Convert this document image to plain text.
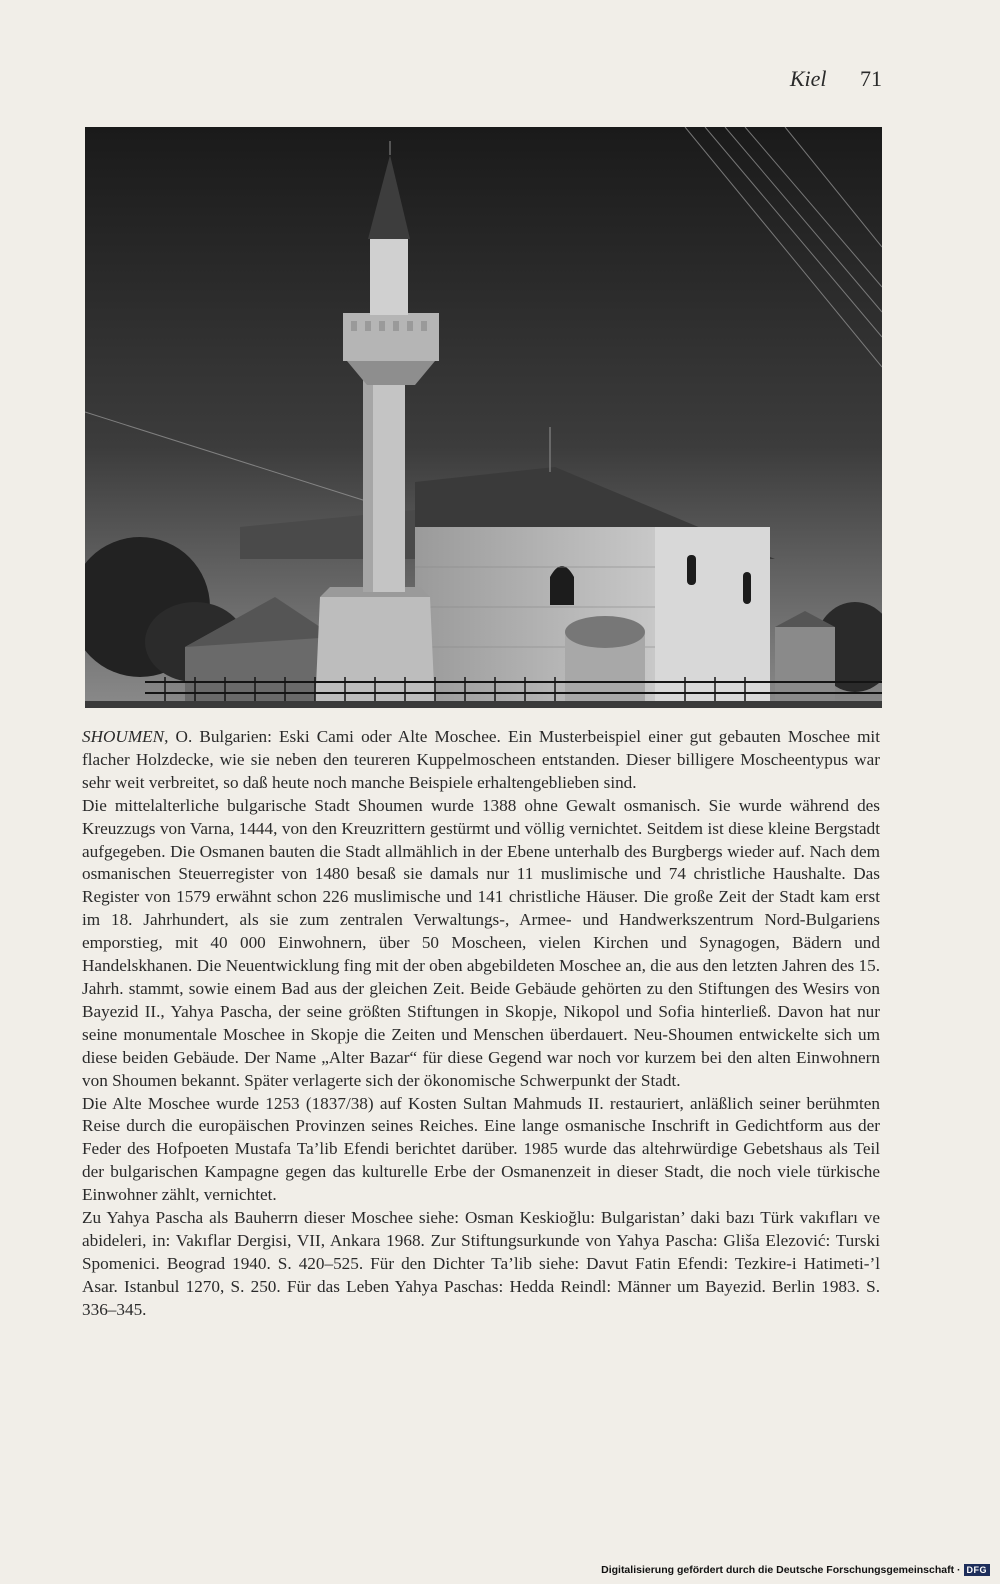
Kiel 71

SHOUMEN, O. Bulgarien: Eski Cami oder Alte Moschee. Ein Musterbeispiel einer gut gebauten Moschee mit flacher Holzdecke, wie sie neben den teureren Kuppelmoscheen entstanden. Dieser billigere Moscheentypus war sehr weit verbreitet, so daß heute noch manche Beispiele erhaltengeblieben sind.

Die mittelalterliche bulgarische Stadt Shoumen wurde 1388 ohne Gewalt osmanisch. Sie wurde während des Kreuzzugs von Varna, 1444, von den Kreuzrittern gestürmt und völlig vernichtet. Seitdem ist diese kleine Bergstadt aufgegeben. Die Osmanen bauten die Stadt allmählich in der Ebene unterhalb des Burgbergs wieder auf. Nach dem osmanischen Steuerregister von 1480 besaß sie damals nur 11 muslimische und 74 christliche Haushalte. Das Register von 1579 erwähnt schon 226 muslimische und 141 christliche Häuser. Die große Zeit der Stadt kam erst im 18. Jahrhundert, als sie zum zentralen Verwaltungs-, Armee- und Handwerkszentrum Nord-Bulgariens emporstieg, mit 40 000 Einwohnern, über 50 Moscheen, vielen Kirchen und Synagogen, Bädern und Handelskhanen. Die Neuentwicklung fing mit der oben abgebildeten Moschee an, die aus den letzten Jahren des 15. Jahrh. stammt, sowie einem Bad aus der gleichen Zeit. Beide Gebäude gehörten zu den Stiftungen des Wesirs von Bayezid II., Yahya Pascha, der seine größten Stiftungen in Skopje, Nikopol und Sofia hinterließ. Davon hat nur seine monumentale Moschee in Skopje die Zeiten und Menschen überdauert. Neu-Shoumen entwickelte sich um diese beiden Gebäude. Der Name „Alter Bazar“ für diese Gegend war noch vor kurzem bei den alten Einwohnern von Shoumen bekannt. Später verlagerte sich der ökonomische Schwerpunkt der Stadt.

Die Alte Moschee wurde 1253 (1837/38) auf Kosten Sultan Mahmuds II. restauriert, anläßlich seiner berühmten Reise durch die europäischen Provinzen seines Reiches. Eine lange osmanische Inschrift in Gedichtform aus der Feder des Hofpoeten Mustafa Ta’lib Efendi berichtet darüber. 1985 wurde das altehrwürdige Gebetshaus als Teil der bulgarischen Kampagne gegen das kulturelle Erbe der Osmanenzeit in dieser Stadt, die noch viele türkische Einwohner zählt, vernichtet.

Zu Yahya Pascha als Bauherrn dieser Moschee siehe: Osman Keskioğlu: Bulgaristan’ daki bazı Türk vakıfları ve abideleri, in: Vakıflar Dergisi, VII, Ankara 1968. Zur Stiftungsurkunde von Yahya Pascha: Gliša Elezović: Turski Spomenici. Beograd 1940. S. 420–525. Für den Dichter Ta’lib siehe: Davut Fatin Efendi: Tezkire-i Hatimeti-’l Asar. Istanbul 1270, S. 250. Für das Leben Yahya Paschas: Hedda Reindl: Männer um Bayezid. Berlin 1983. S. 336–345.

Digitalisierung gefördert durch die Deutsche Forschungsgemeinschaft · DFG
